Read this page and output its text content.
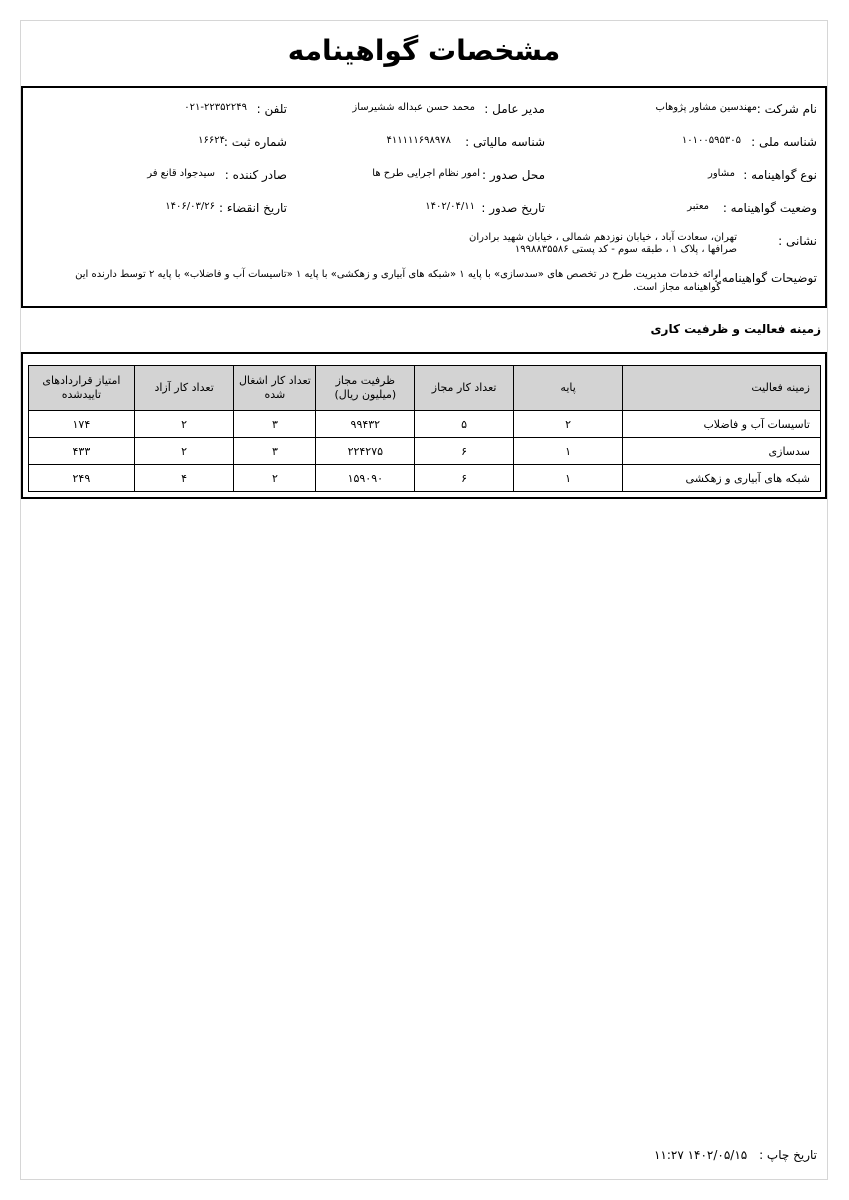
مشخصات گواهینامه
نام شرکت :
مهندسین مشاور پژوهاب
مدیر عامل :
محمد حسن عبداله ششیرساز
تلفن :
۰۲۱-۲۲۳۵۲۲۴۹
شناسه ملی :
۱۰۱۰۰۵۹۵۳۰۵
شناسه مالیاتی :
۴۱۱۱۱۱۶۹۸۹۷۸
شماره ثبت :
۱۶۶۲۴
نوع گواهینامه :
مشاور
محل صدور :
امور نظام اجرایی طرح ها
صادر کننده :
سیدجواد قانع فر
وضعیت گواهینامه :
معتبر
تاریخ صدور :
۱۴۰۲/۰۴/۱۱
تاریخ انقضاء :
۱۴۰۶/۰۳/۲۶
نشانی :
تهران، سعادت آباد ، خیابان نوزدهم شمالی ، خیابان شهید برادران
صرافها ، پلاک ۱ ، طبقه سوم - کد پستی ۱۹۹۸۸۳۵۵۸۶
توضیحات گواهینامه :
ارائه خدمات مدیریت طرح در تخصص های «سدسازی» با پایه ۱ «شبکه های آبیاری و زهکشی» با پایه ۱ «تاسیسات آب و فاضلاب» با پایه ۲ توسط دارنده این گواهینامه مجاز است.
زمینه فعالیت و ظرفیت کاری
زمینه فعالیت	پایه	تعداد کار مجاز	ظرفیت مجاز (میلیون ریال)	تعداد کار اشغال شده	تعداد کار آزاد	امتیاز قراردادهای تاییدشده
تاسیسات آب و فاضلاب	۲	۵	۹۹۴۳۲	۳	۲	۱۷۴
سدسازی	۱	۶	۲۲۴۲۷۵	۳	۲	۴۳۳
شبکه های آبیاری و زهکشی	۱	۶	۱۵۹۰۹۰	۲	۴	۲۴۹
تاریخ چاپ : ۱۴۰۲/۰۵/۱۵ ۱۱:۲۷
